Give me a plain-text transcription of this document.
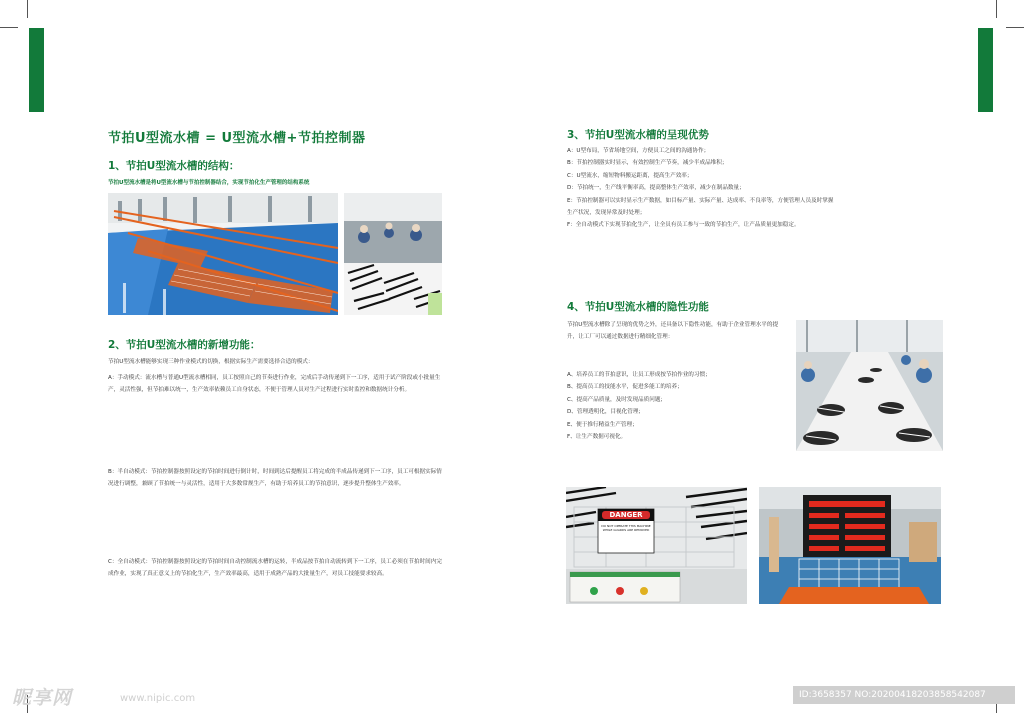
节拍U型流水槽 = U型流水槽+节拍控制器
1、节拍U型流水槽的结构：
节拍U型流水槽是将U型流水槽与节拍控制器结合，实现节拍化生产管理的结构系统
2、节拍U型流水槽的新增功能：
节拍U型流水槽能够实现三种作业模式的切换，根据实际生产需要选择合适的模式：
A：手动模式：流水槽与普通U型流水槽相同，员工按照自己的节奏进行作业，完成后手动传递到下一工序，适用于试产阶段或小批量生产，灵活性强，但节拍难以统一，生产效率依赖员工自身状态，不便于管理人员对生产过程进行实时监控和数据统计分析。
B：半自动模式：节拍控制器按照设定的节拍时间进行倒计时，时间到达后提醒员工将完成的半成品传递到下一工序，员工可根据实际情况进行调整，兼顾了节拍统一与灵活性，适用于大多数常规生产，有助于培养员工的节拍意识，逐步提升整体生产效率。
C：全自动模式：节拍控制器按照设定的节拍时间自动控制流水槽的运转，半成品按节拍自动流转到下一工序，员工必须在节拍时间内完成作业，实现了真正意义上的节拍化生产，生产效率最高，适用于成熟产品的大批量生产，对员工技能要求较高。
3、节拍U型流水槽的呈现优势
A：U型布局，节省场地空间，方便员工之间的沟通协作；
B：节拍控制器实时显示，有效控制生产节奏，减少半成品堆积；
C：U型流水，缩短物料搬运距离，提高生产效率；
D：节拍统一，生产线平衡率高，提高整体生产效率，减少在制品数量；
E：节拍控制器可以实时显示生产数据，如目标产量、实际产量、达成率、不良率等，方便管理人员及时掌握生产状况，发现异常及时处理；
F：全自动模式下实现节拍化生产，让全员有员工参与一致的节拍生产，让产品质量更加稳定。
4、节拍U型流水槽的隐性功能
节拍U型流水槽除了呈现的优势之外，还具备以下隐性功能，有助于企业管理水平的提升，让工厂可以通过数据进行精细化管理：
A、培养员工的节拍意识，让员工形成按节拍作业的习惯；
B、提高员工的技能水平，促进多能工的培养；
C、提高产品质量，及时发现品质问题；
D、管理透明化，目视化管理；
E、便于推行精益生产管理；
F、让生产数据可视化。
DANGER
DO NOT OPERATE THIS MACHINE WHILE GUARDS ARE REMOVED
昵享网	www.nipic.com	ID:3658357 NO:20200418203858542087
